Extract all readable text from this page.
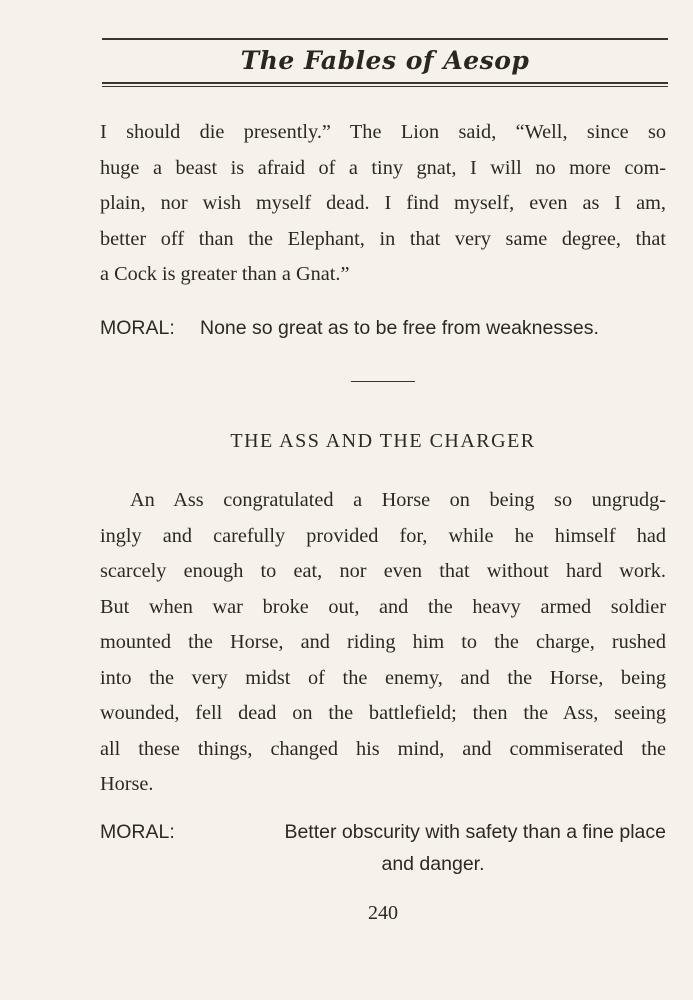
The Fables of Aesop
I should die presently.” The Lion said, “Well, since so
huge a beast is afraid of a tiny gnat, I will no more com-
plain, nor wish myself dead. I find myself, even as I am,
better off than the Elephant, in that very same degree, that
a Cock is greater than a Gnat.”
MORAL: None so great as to be free from weaknesses.
THE ASS AND THE CHARGER
An Ass congratulated a Horse on being so ungrudg-
ingly and carefully provided for, while he himself had
scarcely enough to eat, nor even that without hard work.
But when war broke out, and the heavy armed soldier
mounted the Horse, and riding him to the charge, rushed
into the very midst of the enemy, and the Horse, being
wounded, fell dead on the battlefield; then the Ass, seeing
all these things, changed his mind, and commiserated the
Horse.
MORAL:	Better obscurity with safety than a fine place
and danger.
240
